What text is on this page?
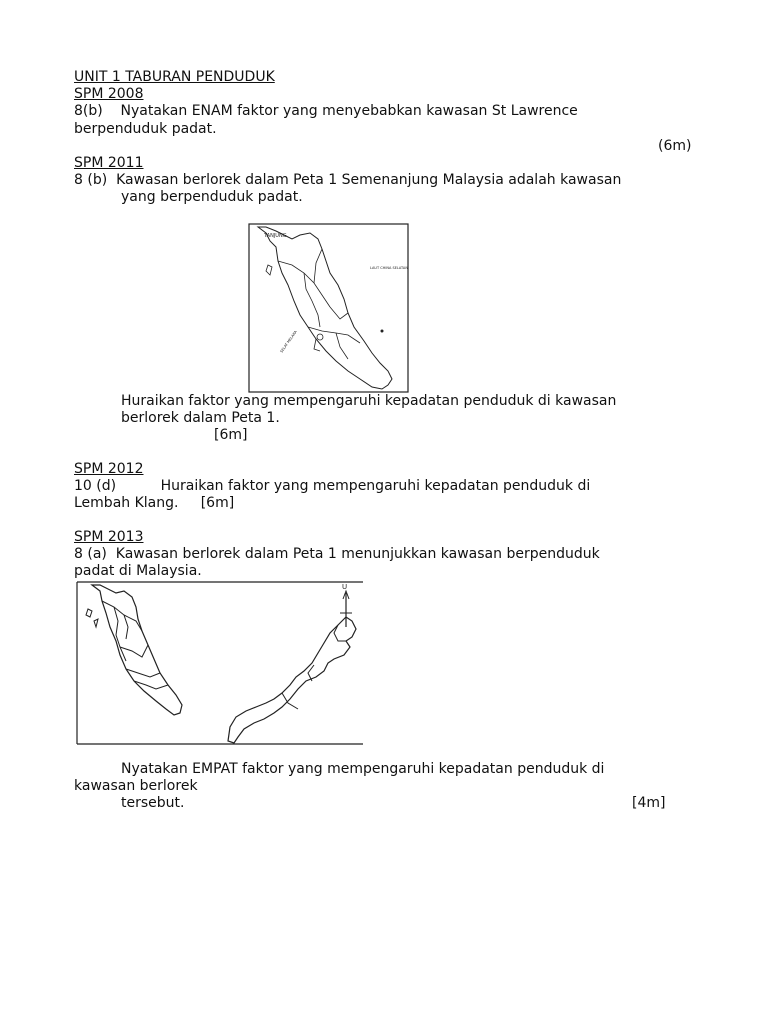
UNIT 1 TABURAN PENDUDUK
SPM 2008
8(b)    Nyatakan ENAM faktor yang menyebabkan kawasan St Lawrence
berpenduduk padat.
(6m)
SPM 2011
8 (b)  Kawasan berlorek dalam Peta 1 Semenanjung Malaysia adalah kawasan
yang berpenduduk padat.
TANJUNG
LAUT CHINA SELATAN
SELAT MELAKA
Huraikan faktor yang mempengaruhi kepadatan penduduk di kawasan
berlorek dalam Peta 1.
[6m]
SPM 2012
10 (d)          Huraikan faktor yang mempengaruhi kepadatan penduduk di
Lembah Klang.     [6m]
SPM 2013
8 (a)  Kawasan berlorek dalam Peta 1 menunjukkan kawasan berpenduduk
padat di Malaysia.
U
Nyatakan EMPAT faktor yang mempengaruhi kepadatan penduduk di
kawasan berlorek
tersebut.	[4m]
